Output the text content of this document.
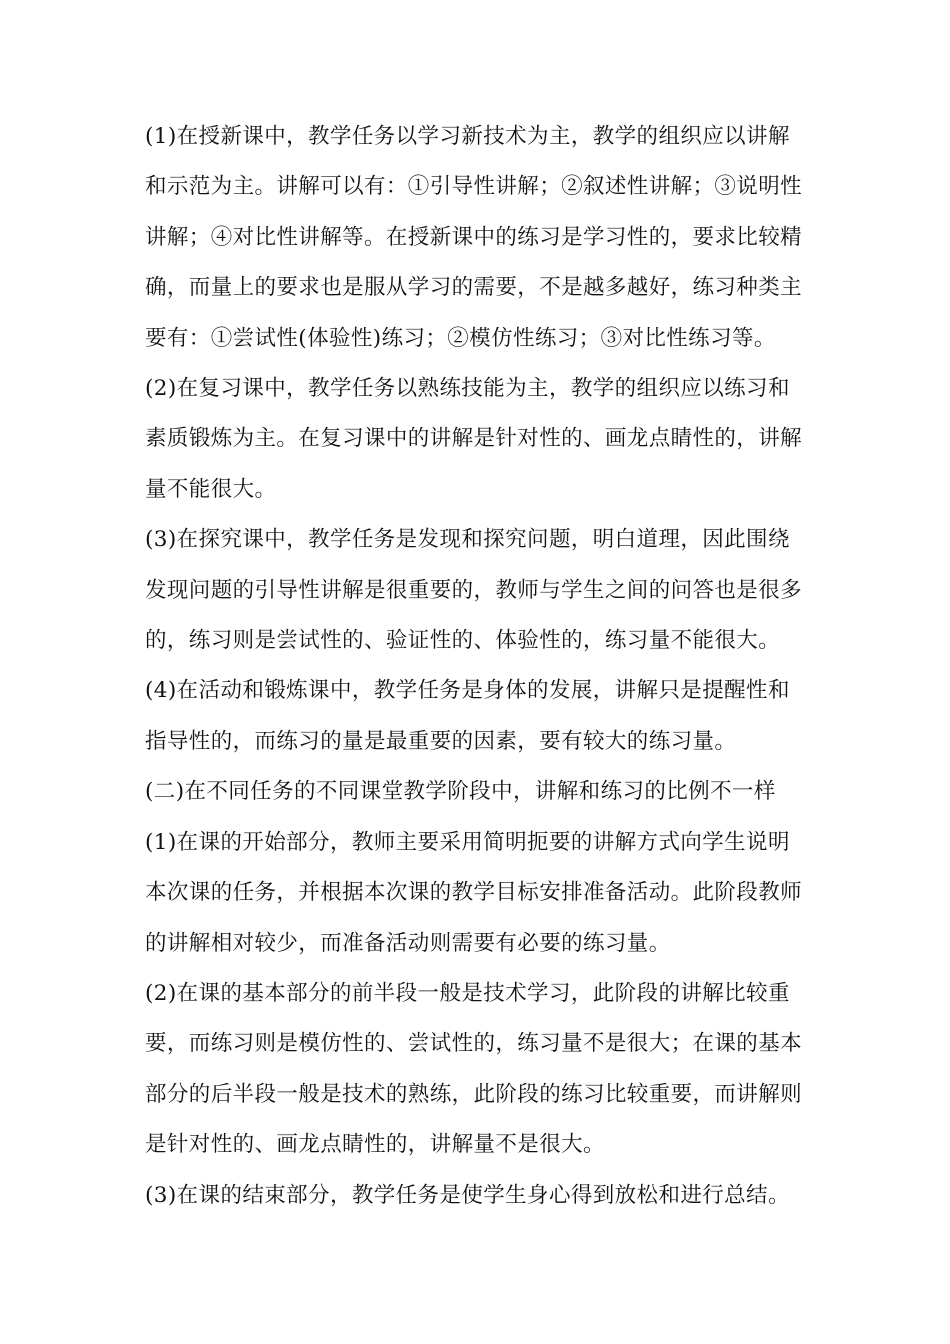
(1)在授新课中，教学任务以学习新技术为主，教学的组织应以讲解
和示范为主。讲解可以有：①引导性讲解；②叙述性讲解；③说明性
讲解；④对比性讲解等。在授新课中的练习是学习性的，要求比较精
确，而量上的要求也是服从学习的需要，不是越多越好，练习种类主
要有：①尝试性(体验性)练习；②模仿性练习；③对比性练习等。

(2)在复习课中，教学任务以熟练技能为主，教学的组织应以练习和
素质锻炼为主。在复习课中的讲解是针对性的、画龙点睛性的，讲解
量不能很大。

(3)在探究课中，教学任务是发现和探究问题，明白道理，因此围绕
发现问题的引导性讲解是很重要的，教师与学生之间的问答也是很多
的，练习则是尝试性的、验证性的、体验性的，练习量不能很大。

(4)在活动和锻炼课中，教学任务是身体的发展，讲解只是提醒性和
指导性的，而练习的量是最重要的因素，要有较大的练习量。

(二)在不同任务的不同课堂教学阶段中，讲解和练习的比例不一样

(1)在课的开始部分，教师主要采用简明扼要的讲解方式向学生说明
本次课的任务，并根据本次课的教学目标安排准备活动。此阶段教师
的讲解相对较少，而准备活动则需要有必要的练习量。

(2)在课的基本部分的前半段一般是技术学习，此阶段的讲解比较重
要，而练习则是模仿性的、尝试性的，练习量不是很大；在课的基本
部分的后半段一般是技术的熟练，此阶段的练习比较重要，而讲解则
是针对性的、画龙点睛性的，讲解量不是很大。

(3)在课的结束部分，教学任务是使学生身心得到放松和进行总结。
